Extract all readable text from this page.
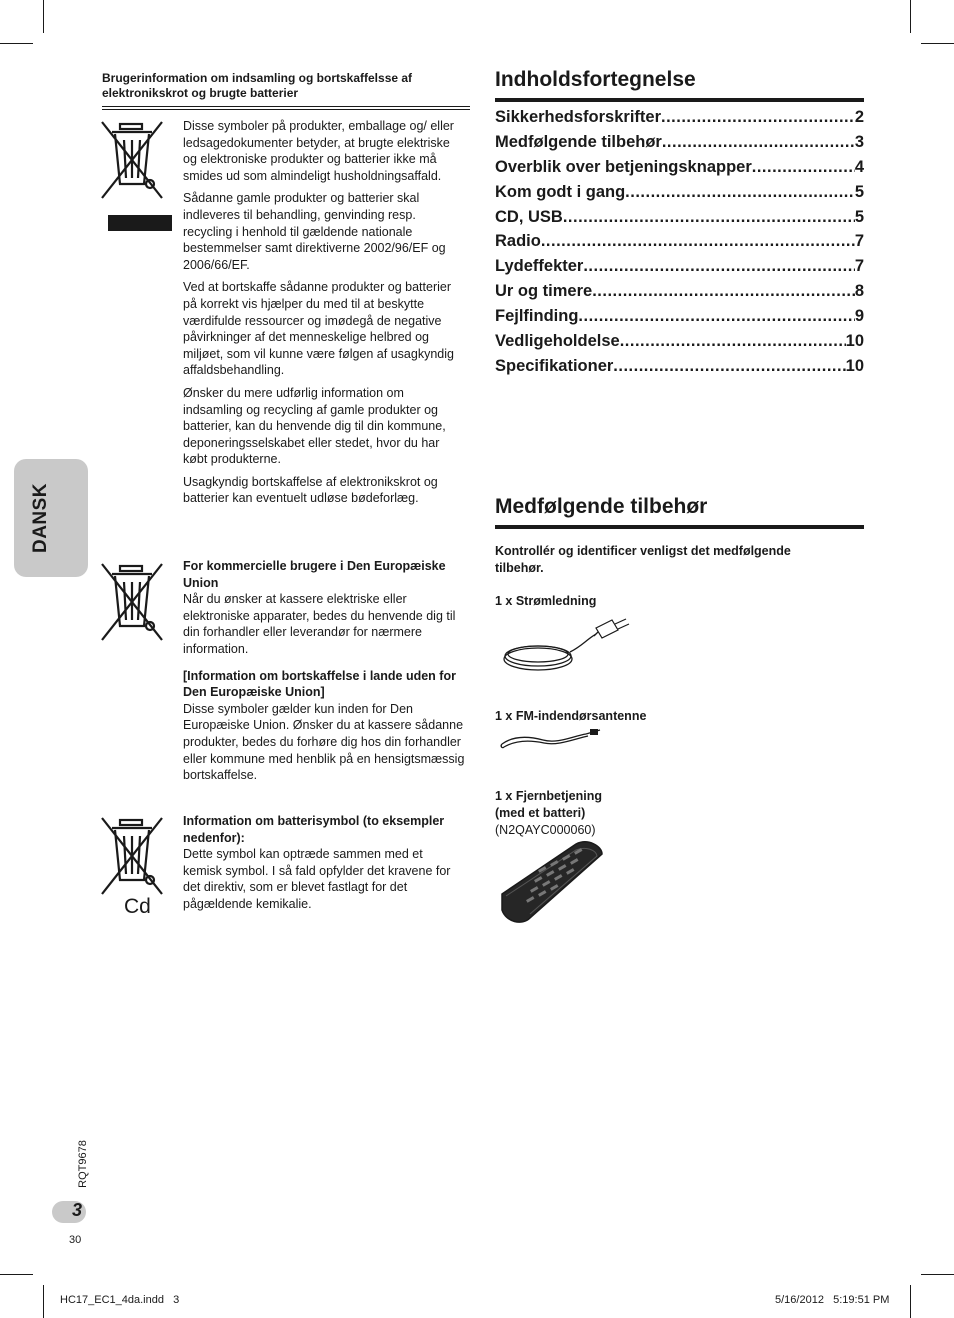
Brugerinformation om indsamling og bortskaffelsse af elektronikskrot og brugte batterier

Disse symboler på produkter, emballage og/ eller ledsagedokumenter betyder, at brugte elektriske og elektroniske produkter og batterier ikke må smides ud som almindeligt husholdningsaffald.

Sådanne gamle produkter og batterier skal indleveres til behandling, genvinding resp. recycling i henhold til gældende nationale bestemmelser samt direktiverne 2002/96/EF og 2006/66/EF.

Ved at bortskaffe sådanne produkter og batterier på korrekt vis hjælper du med til at beskytte værdifulde ressourcer og imødegå de negative påvirkninger af det menneskelige helbred og miljøet, som vil kunne være følgen af usagkyndig affaldsbehandling.

Ønsker du mere udførlig information om indsamling og recycling af gamle produkter og batterier, kan du henvende dig til din kommune, deponeringsselskabet eller stedet, hvor du har købt produkterne.

Usagkyndig bortskaffelse af elektronikskrot og batterier kan eventuelt udløse bødeforlæg.

For kommercielle brugere i Den Europæiske Union

Når du ønsker at kassere elektriske eller elektroniske apparater, bedes du henvende dig til din forhandler eller leverandør for nærmere information.

[Information om bortskaffelse i lande uden for Den Europæiske Union]

Disse symboler gælder kun inden for Den Europæiske Union. Ønsker du at kassere sådanne produkter, bedes du forhøre dig hos din forhandler eller kommune med henblik på en hensigtsmæssig bortskaffelse.

Cd
Information om batterisymbol (to eksempler nedenfor):

Dette symbol kan optræde sammen med et kemisk symbol. I så fald opfylder det kravene for det direktiv, som er blevet fastlagt for det pågældende kemikalie.

DANSK
Indholdsfortegnelse
Sikkerhedsforskrifter .....	2
Medfølgende tilbehør .....	3
Overblik over betjeningsknapper .....	4
Kom godt i gang .....	5
CD, USB .....	5
Radio .....	7
Lydeffekter .....	7
Ur og timere .....	8
Fejlfinding .....	9
Vedligeholdelse .....	10
Specifikationer .....	10
Medfølgende tilbehør
Kontrollér og identificer venligst det medfølgende tilbehør.
1 x Strømledning
1 x FM-indendørsantenne
1 x Fjernbetjening
(med et batteri)
(N2QAYC000060)
RQT9678
3
30
HC17_EC1_4da.indd   3	5/16/2012   5:19:51 PM
